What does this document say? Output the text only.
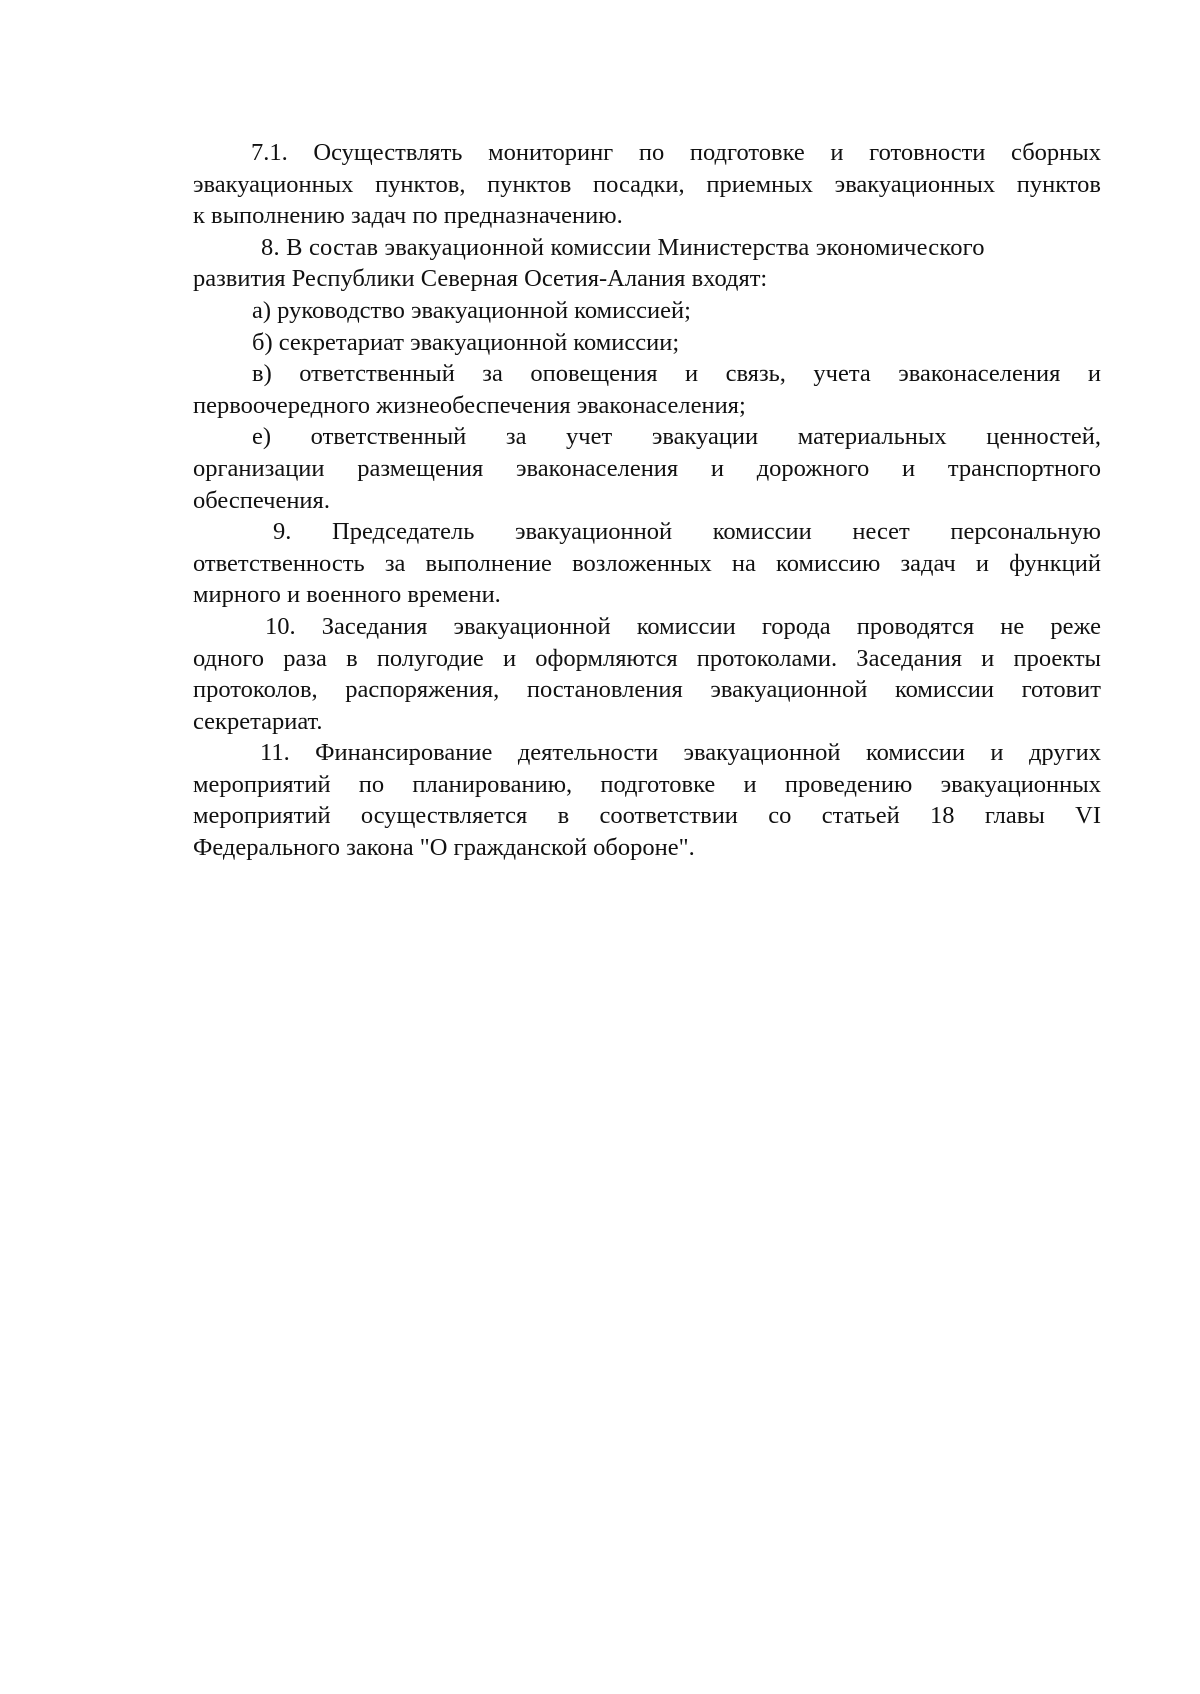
7.1. Осуществлять мониторинг по подготовке и готовности сборных
эвакуационных пунктов, пунктов посадки, приемных эвакуационных пунктов
к выполнению задач по предназначению.
8. В состав эвакуационной комиссии Министерства экономического
развития Республики Северная Осетия-Алания входят:
а) руководство эвакуационной комиссией;
б) секретариат эвакуационной комиссии;
в) ответственный за оповещения и связь, учета эваконаселения и
первоочередного жизнеобеспечения эваконаселения;
е) ответственный за учет эвакуации материальных ценностей,
организации размещения эваконаселения и дорожного и транспортного
обеспечения.
9. Председатель эвакуационной комиссии несет персональную
ответственность за выполнение возложенных на комиссию задач и функций
мирного и военного времени.
10. Заседания эвакуационной комиссии города проводятся не реже
одного раза в полугодие и оформляются протоколами. Заседания и проекты
протоколов, распоряжения, постановления эвакуационной комиссии готовит
секретариат.
11. Финансирование деятельности эвакуационной комиссии и других
мероприятий по планированию, подготовке и проведению эвакуационных
мероприятий осуществляется в соответствии со статьей 18 главы VI
Федерального закона "О гражданской обороне".
